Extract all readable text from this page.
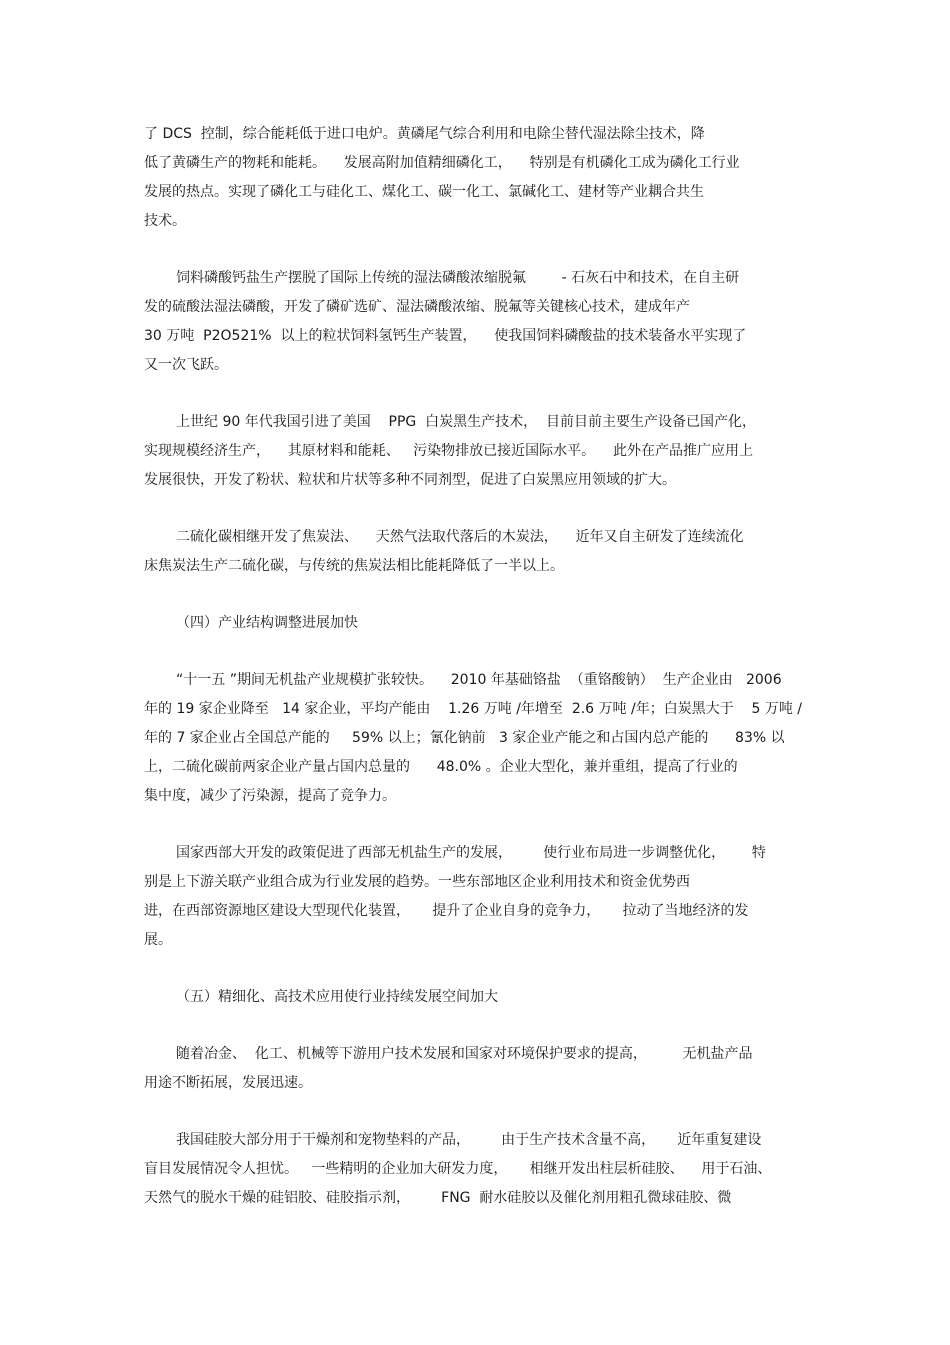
了 DCS  控制，综合能耗低于进口电炉。黄磷尾气综合利用和电除尘替代湿法除尘技术，降
低了黄磷生产的物耗和能耗。    发展高附加值精细磷化工，    特别是有机磷化工成为磷化工行业
发展的热点。实现了磷化工与硅化工、煤化工、碳一化工、氯碱化工、建材等产业耦合共生
技术。
饲料磷酸钙盐生产摆脱了国际上传统的湿法磷酸浓缩脱氟        - 石灰石中和技术，在自主研
发的硫酸法湿法磷酸，开发了磷矿选矿、湿法磷酸浓缩、脱氟等关键核心技术，建成年产
30 万吨  P2O521%  以上的粒状饲料氢钙生产装置，    使我国饲料磷酸盐的技术装备水平实现了
又一次飞跃。
上世纪 90 年代我国引进了美国    PPG  白炭黑生产技术，  目前目前主要生产设备已国产化，
实现规模经济生产，    其原材料和能耗、   污染物排放已接近国际水平。    此外在产品推广应用上
发展很快，开发了粉状、粒状和片状等多种不同剂型，促进了白炭黑应用领域的扩大。
二硫化碳相继开发了焦炭法、    天然气法取代落后的木炭法，    近年又自主研发了连续流化
床焦炭法生产二硫化碳，与传统的焦炭法相比能耗降低了一半以上。
（四）产业结构调整进展加快
“十一五 ”期间无机盐产业规模扩张较快。    2010 年基础铬盐  （重铬酸钠）  生产企业由   2006
年的 19 家企业降至   14 家企业，平均产能由    1.26 万吨 /年增至  2.6 万吨 /年；白炭黑大于    5 万吨 /
年的 7 家企业占全国总产能的     59% 以上；氰化钠前   3 家企业产能之和占国内总产能的      83% 以
上，二硫化碳前两家企业产量占国内总量的      48.0% 。企业大型化，兼并重组，提高了行业的
集中度，减少了污染源，提高了竞争力。
国家西部大开发的政策促进了西部无机盐生产的发展，       使行业布局进一步调整优化，      特
别是上下游关联产业组合成为行业发展的趋势。一些东部地区企业利用技术和资金优势西
进，在西部资源地区建设大型现代化装置，     提升了企业自身的竞争力，     拉动了当地经济的发
展。
（五）精细化、高技术应用使行业持续发展空间加大
随着冶金、  化工、机械等下游用户技术发展和国家对环境保护要求的提高，        无机盐产品
用途不断拓展，发展迅速。
我国硅胶大部分用于干燥剂和宠物垫料的产品，       由于生产技术含量不高，     近年重复建设
盲目发展情况令人担忧。   一些精明的企业加大研发力度，     相继开发出柱层析硅胶、    用于石油、
天然气的脱水干燥的硅铝胶、硅胶指示剂，       FNG  耐水硅胶以及催化剂用粗孔微球硅胶、微
